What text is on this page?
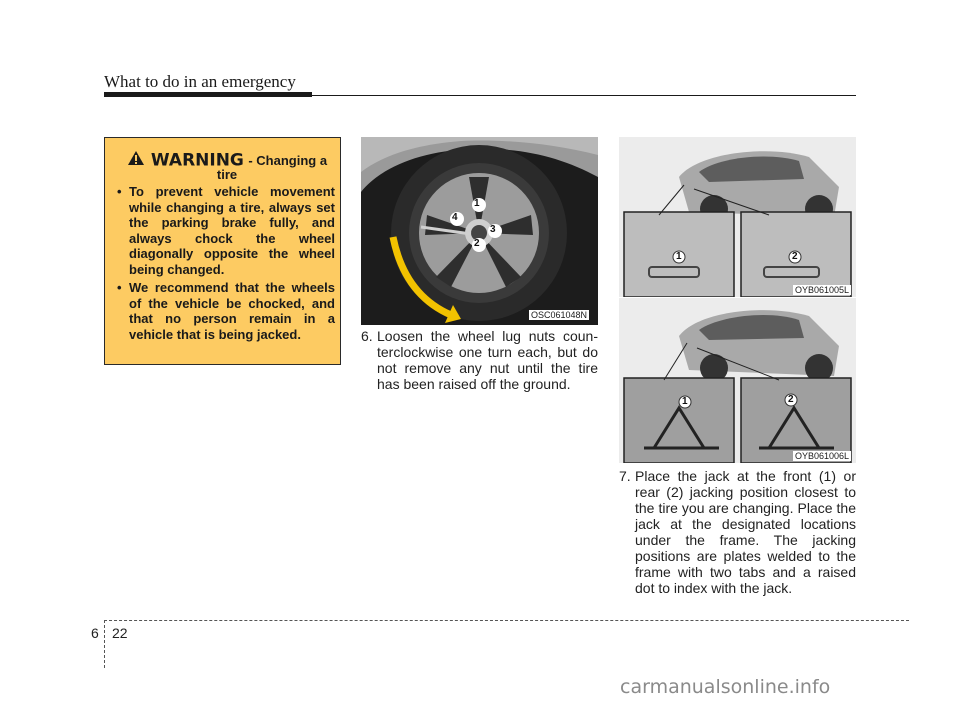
What to do in an emergency
WARNING - Changing a
tire
• To prevent vehicle movement while changing a tire, always set the parking brake fully, and always chock the wheel diagonally opposite the wheel being changed.
• We recommend that the wheels of the vehicle be chocked, and that no person remain in a vehicle that is being jacked.
1
2
3
4
OSC061048N
1	2
OYB061005L
1	2
OYB061006L
6. Loosen the wheel lug nuts counterclockwise one turn each, but do not remove any nut until the tire has been raised off the ground.
7. Place the jack at the front (1) or rear (2) jacking position closest to the tire you are changing. Place the jack at the designated locations under the frame. The jacking positions are plates welded to the frame with two tabs and a raised dot to index with the jack.
6 22
carmanualsonline.info
